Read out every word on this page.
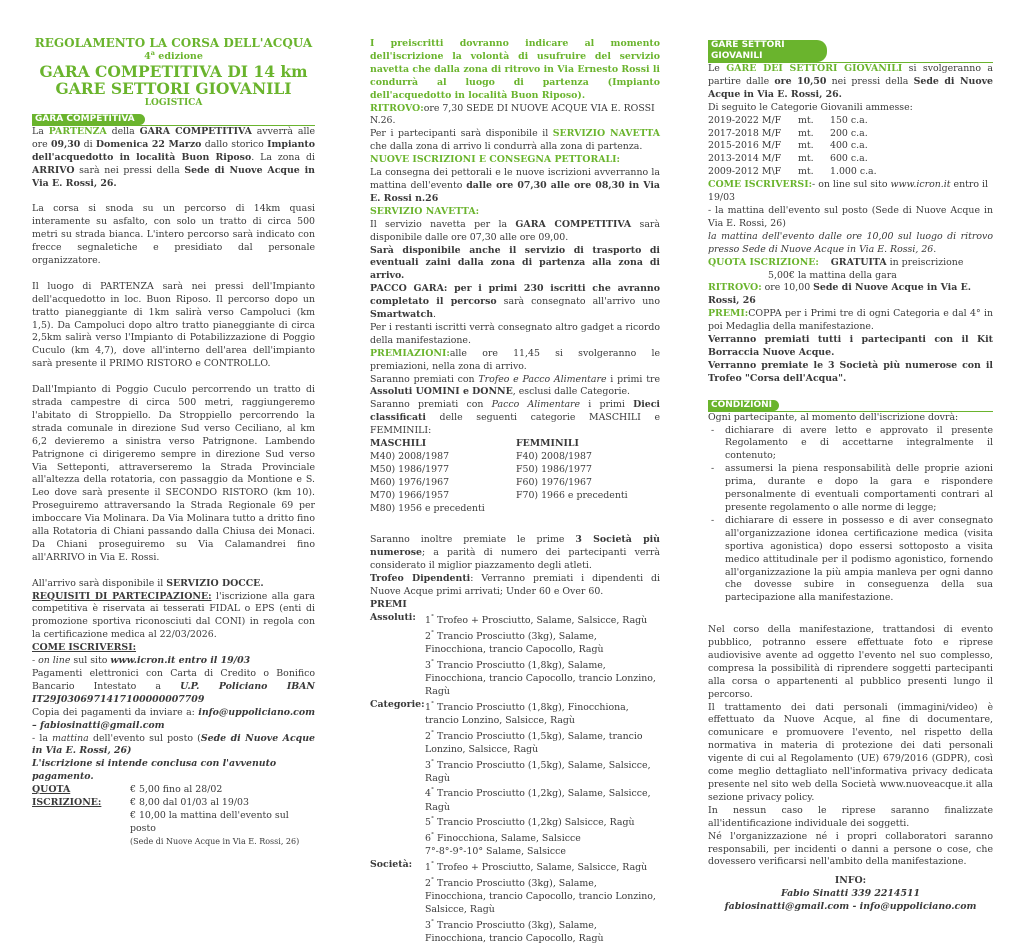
REGOLAMENTO LA CORSA DELL'ACQUA
4$^a$ edizione
GARA COMPETITIVA DI 14 km
GARE SETTORI GIOVANILI
LOGISTICA
GARA COMPETITIVA

La PARTENZA della GARA COMPETITIVA avverrà alle ore 09,30 di Domenica 22 Marzo dallo storico Impianto dell'acquedotto in località Buon Riposo. La zona di ARRIVO sarà nei pressi della Sede di Nuove Acque in Via E. Rossi, 26.

La corsa si snoda su un percorso di 14km quasi interamente su asfalto, con solo un tratto di circa 500 metri su strada bianca. L'intero percorso sarà indicato con frecce segnaletiche e presidiato dal personale organizzatore.

Il luogo di PARTENZA sarà nei pressi dell'Impianto dell'acquedotto in loc. Buon Riposo. Il percorso dopo un tratto pianeggiante di 1km salirà verso Campoluci (km 1,5). Da Campoluci dopo altro tratto pianeggiante di circa 2,5km salirà verso l'Impianto di Potabilizzazione di Poggio Cuculo (km 4,7), dove all'interno dell'area dell'impianto sarà presente il PRIMO RISTORO e CONTROLLO.

Dall'Impianto di Poggio Cuculo percorrendo un tratto di strada campestre di circa 500 metri, raggiungeremo l'abitato di Stroppiello. Da Stroppiello percorrendo la strada comunale in direzione Sud verso Ceciliano, al km 6,2 devieremo a sinistra verso Patrignone. Lambendo Patrignone ci dirigeremo sempre in direzione Sud verso Via Setteponti, attraverseremo la Strada Provinciale all'altezza della rotatoria, con passaggio da Montione e S. Leo dove sarà presente il SECONDO RISTORO (km 10). Proseguiremo attraversando la Strada Regionale 69 per imboccare Via Molinara. Da Via Molinara tutto a dritto fino alla Rotatoria di Chiani passando dalla Chiusa dei Monaci. Da Chiani proseguiremo su Via Calamandrei fino all'ARRIVO in Via E. Rossi.

All'arrivo sarà disponibile il SERVIZIO DOCCE.

REQUISITI DI PARTECIPAZIONE: l'iscrizione alla gara competitiva è riservata ai tesserati FIDAL o EPS (enti di promozione sportiva riconosciuti dal CONI) in regola con la certificazione medica al 22/03/2026.

COME ISCRIVERSI:

- on line sul sito www.icron.it entro il 19/03

Pagamenti elettronici con Carta di Credito o Bonifico Bancario Intestato a U.P. Policiano IBAN IT29J0306971417100000007709

Copia dei pagamenti da inviare a: info@uppoliciano.com – fabiosinatti@gmail.com

- la mattina dell'evento sul posto (Sede di Nuove Acque in Via E. Rossi, 26)

L'iscrizione si intende conclusa con l'avvenuto pagamento.

QUOTA ISCRIZIONE:
€ 5,00 fino al 28/02
€ 8,00 dal 01/03 al 19/03
€ 10,00 la mattina dell'evento sul posto
(Sede di Nuove Acque in Via E. Rossi, 26)

I preiscritti dovranno indicare al momento dell'iscrizione la volontà di usufruire del servizio navetta che dalla zona di ritrovo in Via Ernesto Rossi li condurrà al luogo di partenza (Impianto dell'acquedotto in località Buon Riposo).

RITROVO:ore 7,30 SEDE DI NUOVE ACQUE VIA E. ROSSI N.26.

Per i partecipanti sarà disponibile il SERVIZIO NAVETTA che dalla zona di arrivo li condurrà alla zona di partenza.

NUOVE ISCRIZIONI E CONSEGNA PETTORALI:

La consegna dei pettorali e le nuove iscrizioni avverranno la mattina dell'evento dalle ore 07,30 alle ore 08,30 in Via E. Rossi n.26

SERVIZIO NAVETTA:

Il servizio navetta per la GARA COMPETITIVA sarà disponibile dalle ore 07,30 alle ore 09,00.

Sarà disponibile anche il servizio di trasporto di eventuali zaini dalla zona di partenza alla zona di arrivo.

PACCO GARA: per i primi 230 iscritti che avranno completato il percorso sarà consegnato all'arrivo uno Smartwatch.

Per i restanti iscritti verrà consegnato altro gadget a ricordo della manifestazione.

PREMIAZIONI:alle ore 11,45 si svolgeranno le premiazioni, nella zona di arrivo.

Saranno premiati con Trofeo e Pacco Alimentare i primi tre Assoluti UOMINI e DONNE, esclusi dalle Categorie.

Saranno premiati con Pacco Alimentare i primi Dieci classificati delle seguenti categorie MASCHILI e FEMMINILI:

MASCHILI
M40) 2008/1987
M50) 1986/1977
M60) 1976/1967
M70) 1966/1957
M80) 1956 e precedenti
FEMMINILI
F40) 2008/1987
F50) 1986/1977
F60) 1976/1967
F70) 1966 e precedenti

Saranno inoltre premiate le prime 3 Società più numerose; a parità di numero dei partecipanti verrà considerato il miglior piazzamento degli atleti.

Trofeo Dipendenti: Verranno premiati i dipendenti di Nuove Acque primi arrivati; Under 60 e Over 60.

PREMI

Assoluti: 1° Trofeo + Prosciutto, Salame, Salsicce, Ragù
2° Trancio Prosciutto (3kg), Salame, Finocchiona, trancio Capocollo, Ragù
3° Trancio Prosciutto (1,8kg), Salame, Finocchiona, trancio Capocollo, trancio Lonzino, Ragù
Categorie: 1° Trancio Prosciutto (1,8kg), Finocchiona, trancio Lonzino, Salsicce, Ragù
2° Trancio Prosciutto (1,5kg), Salame, trancio Lonzino, Salsicce, Ragù
3° Trancio Prosciutto (1,5kg), Salame, Salsicce, Ragù
4° Trancio Prosciutto (1,2kg), Salame, Salsicce, Ragù
5° Trancio Prosciutto (1,2kg) Salsicce, Ragù
6° Finocchiona, Salame, Salsicce
7°-8°-9°-10° Salame, Salsicce
Società:	1° Trofeo + Prosciutto, Salame, Salsicce, Ragù
2° Trancio Prosciutto (3kg), Salame, Finocchiona, trancio Capocollo, trancio Lonzino, Salsicce, Ragù
3° Trancio Prosciutto (3kg), Salame, Finocchiona, trancio Capocollo, Ragù
GARE SETTORI GIOVANILI

Le GARE DEI SETTORI GIOVANILI si svolgeranno a partire dalle ore 10,50 nei pressi della Sede di Nuove Acque in Via E. Rossi, 26.

Di seguito le Categorie Giovanili ammesse:

2019-2022 M/F	mt.	150 c.a.
2017-2018 M/F	mt.	200 c.a.
2015-2016 M/F	mt.	400 c.a.
2013-2014 M/F	mt.	600 c.a.
2009-2012 M\F	mt.	1.000 c.a.

COME ISCRIVERSI:- on line sul sito www.icron.it entro il 19/03

- la mattina dell'evento sul posto (Sede di Nuove Acque in Via E. Rossi, 26)

la mattina dell'evento dalle ore 10,00 sul luogo di ritrovo presso Sede di Nuove Acque in Via E. Rossi, 26.

QUOTA ISCRIZIONE: GRATUITA in preiscrizione

5,00€ la mattina della gara

RITROVO: ore 10,00 Sede di Nuove Acque in Via E. Rossi, 26

PREMI:COPPA per i Primi tre di ogni Categoria e dal 4° in poi Medaglia della manifestazione.

Verranno premiati tutti i partecipanti con il Kit Borraccia Nuove Acque.

Verranno premiate le 3 Società più numerose con il Trofeo "Corsa dell'Acqua".

CONDIZIONI

Ogni partecipante, al momento dell'iscrizione dovrà:

- dichiarare di avere letto e approvato il presente Regolamento e di accettarne integralmente il contenuto;
- assumersi la piena responsabilità delle proprie azioni prima, durante e dopo la gara e rispondere personalmente di eventuali comportamenti contrari al presente regolamento o alle norme di legge;
- dichiarare di essere in possesso e di aver consegnato all'organizzazione idonea certificazione medica (visita sportiva agonistica) dopo essersi sottoposto a visita medico attitudinale per il podismo agonistico, fornendo all'organizzazione la più ampia manleva per ogni danno che dovesse subire in conseguenza della sua partecipazione alla manifestazione.

Nel corso della manifestazione, trattandosi di evento pubblico, potranno essere effettuate foto e riprese audiovisive avente ad oggetto l'evento nel suo complesso, compresa la possibilità di riprendere soggetti partecipanti alla corsa o appartenenti al pubblico presenti lungo il percorso.

Il trattamento dei dati personali (immagini/video) è effettuato da Nuove Acque, al fine di documentare, comunicare e promuovere l'evento, nel rispetto della normativa in materia di protezione dei dati personali vigente di cui al Regolamento (UE) 679/2016 (GDPR), così come meglio dettagliato nell'informativa privacy dedicata presente nel sito web della Società www.nuoveacque.it alla sezione privacy policy.

In nessun caso le riprese saranno finalizzate all'identificazione individuale dei soggetti.

Né l'organizzazione né i propri collaboratori saranno responsabili, per incidenti o danni a persone o cose, che dovessero verificarsi nell'ambito della manifestazione.

INFO:

Fabio Sinatti 339 2214511

fabiosinatti@gmail.com - info@uppoliciano.com
